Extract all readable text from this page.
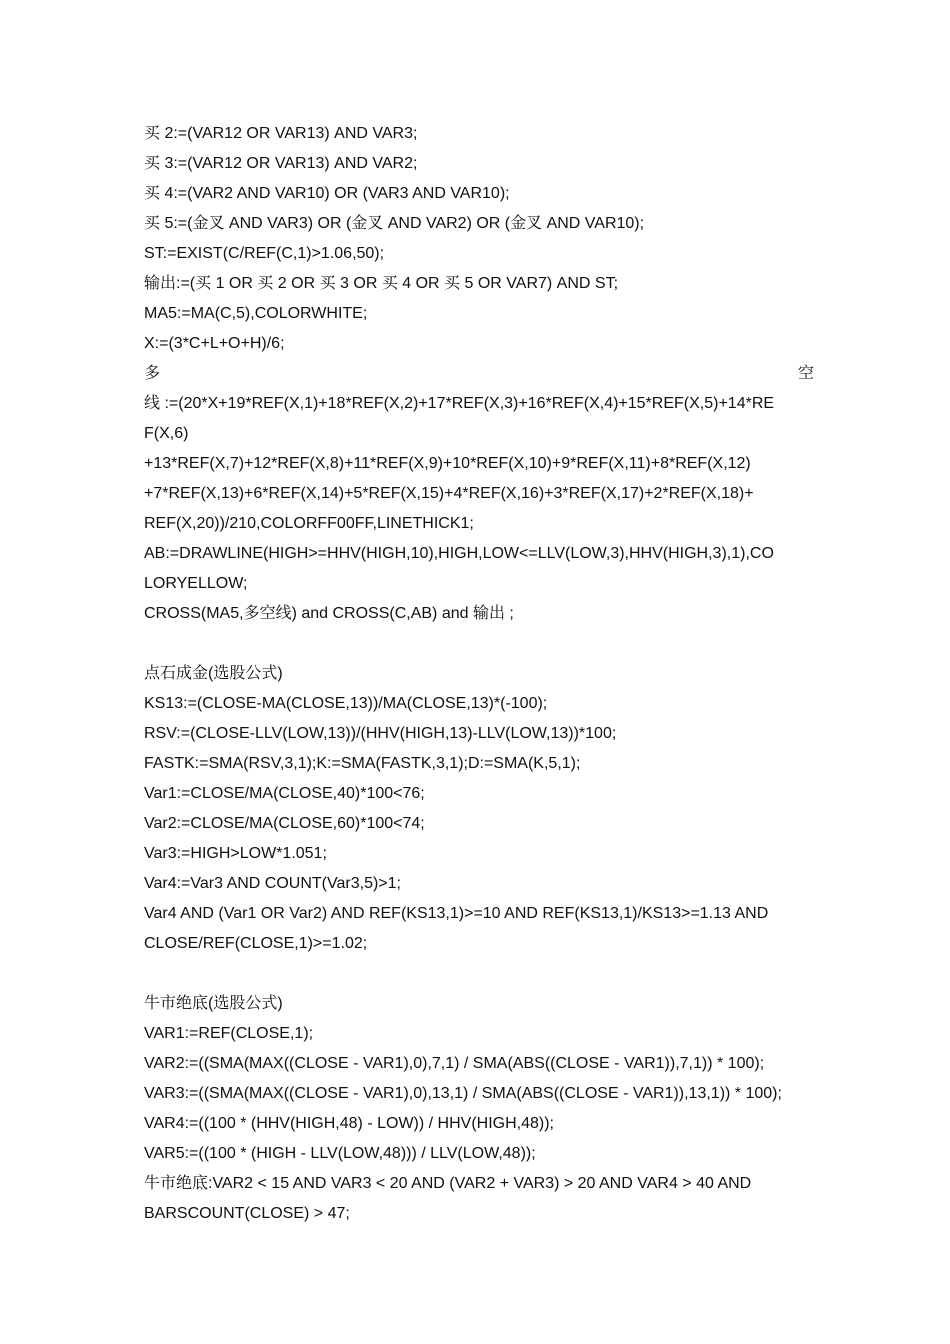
买 2:=(VAR12 OR VAR13) AND VAR3;
买 3:=(VAR12 OR VAR13) AND VAR2;
买 4:=(VAR2 AND VAR10) OR (VAR3 AND VAR10);
买 5:=(金叉 AND VAR3) OR (金叉 AND VAR2) OR (金叉 AND VAR10);
ST:=EXIST(C/REF(C,1)>1.06,50);
输出:=(买 1 OR 买 2 OR 买 3 OR 买 4 OR 买 5 OR VAR7) AND ST;
MA5:=MA(C,5),COLORWHITE;
X:=(3*C+L+O+H)/6;
多	空
线 :=(20*X+19*REF(X,1)+18*REF(X,2)+17*REF(X,3)+16*REF(X,4)+15*REF(X,5)+14*RE
F(X,6)
+13*REF(X,7)+12*REF(X,8)+11*REF(X,9)+10*REF(X,10)+9*REF(X,11)+8*REF(X,12)
+7*REF(X,13)+6*REF(X,14)+5*REF(X,15)+4*REF(X,16)+3*REF(X,17)+2*REF(X,18)+
REF(X,20))/210,COLORFF00FF,LINETHICK1;
AB:=DRAWLINE(HIGH>=HHV(HIGH,10),HIGH,LOW<=LLV(LOW,3),HHV(HIGH,3),1),CO
LORYELLOW;
CROSS(MA5,多空线) and CROSS(C,AB) and 输出 ;
点石成金(选股公式)
KS13:=(CLOSE-MA(CLOSE,13))/MA(CLOSE,13)*(-100);
RSV:=(CLOSE-LLV(LOW,13))/(HHV(HIGH,13)-LLV(LOW,13))*100;
FASTK:=SMA(RSV,3,1);K:=SMA(FASTK,3,1);D:=SMA(K,5,1);
Var1:=CLOSE/MA(CLOSE,40)*100<76;
Var2:=CLOSE/MA(CLOSE,60)*100<74;
Var3:=HIGH>LOW*1.051;
Var4:=Var3 AND COUNT(Var3,5)>1;
Var4 AND (Var1 OR Var2) AND REF(KS13,1)>=10 AND REF(KS13,1)/KS13>=1.13 AND
CLOSE/REF(CLOSE,1)>=1.02;
牛市绝底(选股公式)
VAR1:=REF(CLOSE,1);
VAR2:=((SMA(MAX((CLOSE - VAR1),0),7,1) / SMA(ABS((CLOSE - VAR1)),7,1)) * 100);
VAR3:=((SMA(MAX((CLOSE - VAR1),0),13,1) / SMA(ABS((CLOSE - VAR1)),13,1)) * 100);
VAR4:=((100 * (HHV(HIGH,48) - LOW)) / HHV(HIGH,48));
VAR5:=((100 * (HIGH - LLV(LOW,48))) / LLV(LOW,48));
牛市绝底:VAR2 < 15 AND VAR3 < 20 AND (VAR2 + VAR3) > 20 AND VAR4 > 40 AND
BARSCOUNT(CLOSE) > 47;
